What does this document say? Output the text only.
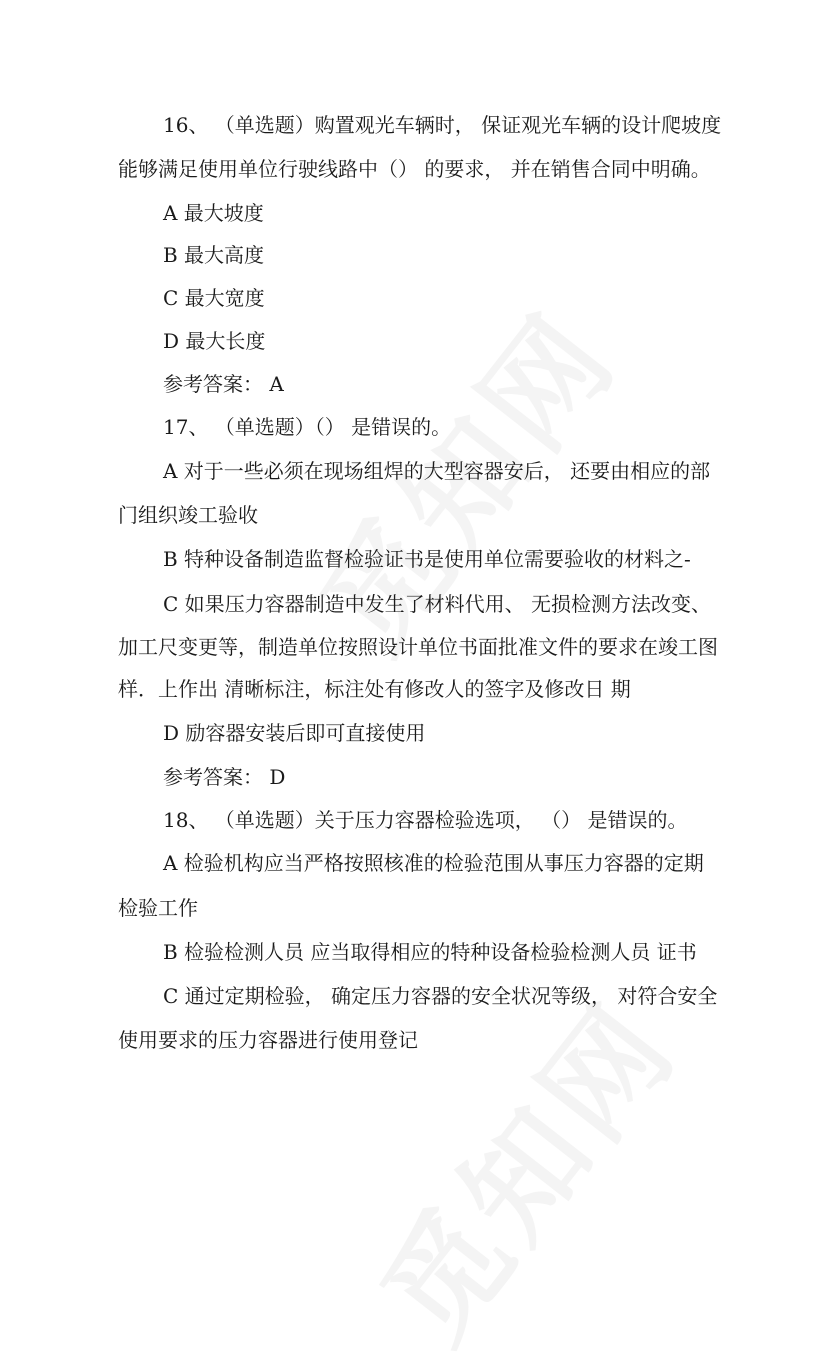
16、 （单选题）购置观光车辆时， 保证观光车辆的设计爬坡度
能够满足使用单位行驶线路中（） 的要求， 并在销售合同中明确。
A 最大坡度
B 最大高度
C 最大宽度
D 最大长度
参考答案： A
17、 （单选题）（） 是错误的。
A 对于一些必须在现场组焊的大型容器安后， 还要由相应的部
门组织竣工验收
B 特种设备制造监督检验证书是使用单位需要验收的材料之-
C 如果压力容器制造中发生了材料代用、 无损检测方法改变、
加工尺变更等，制造单位按照设计单位书面批准文件的要求在竣工图
样．上作出 清晰标注，标注处有修改人的签字及修改日 期
D 励容器安装后即可直接使用
参考答案： D
18、 （单选题）关于压力容器检验选项， （） 是错误的。
A 检验机构应当严格按照核准的检验范围从事压力容器的定期
检验工作
B 检验检测人员 应当取得相应的特种设备检验检测人员 证书
C 通过定期检验， 确定压力容器的安全状况等级， 对符合安全
使用要求的压力容器进行使用登记
